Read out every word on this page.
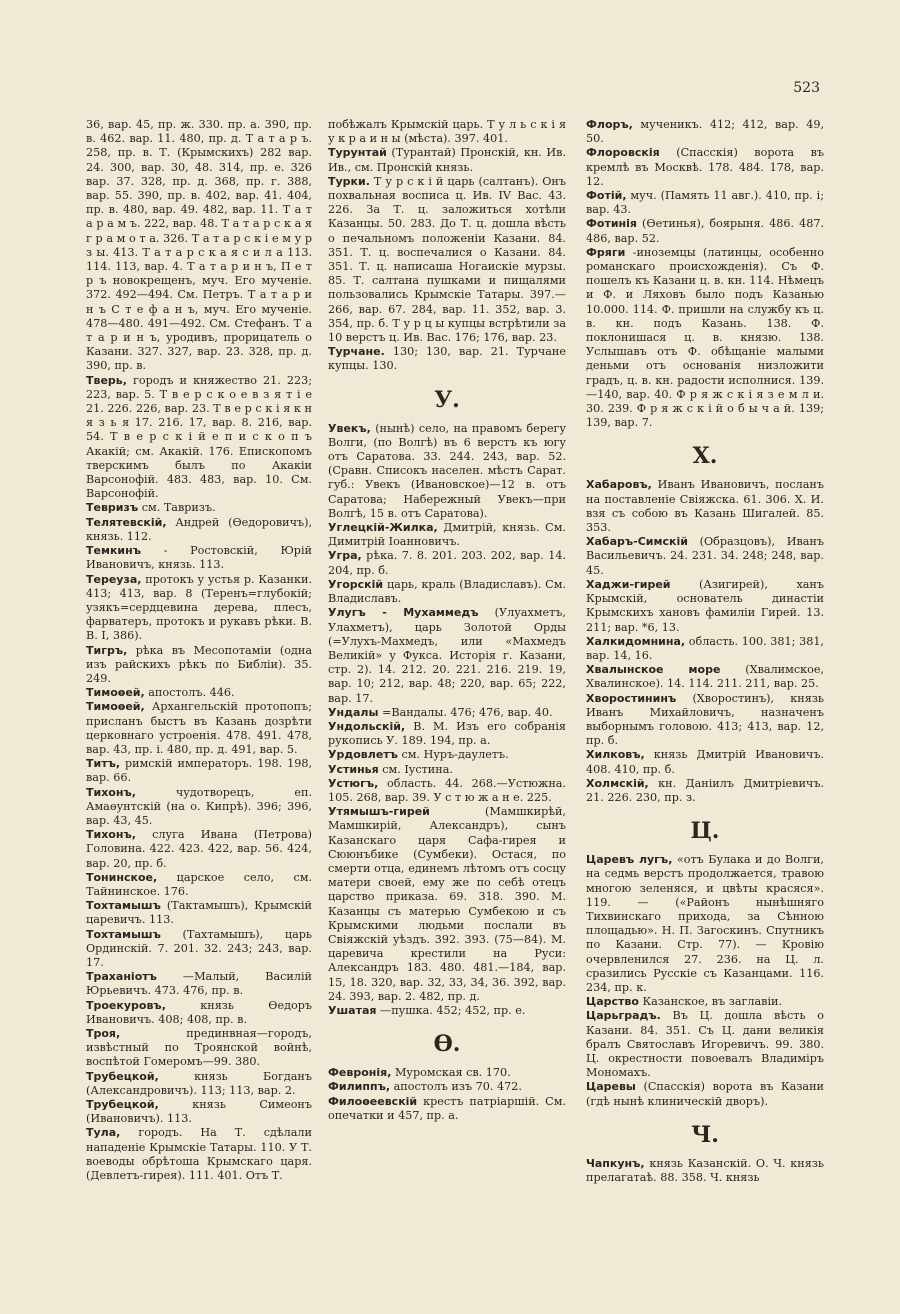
523
36, вар. 45, пр. ж. 330. пр. а. 390, пр. в. 462. вар. 11. 480, пр. д. Т а т а р ъ. 258, пр. в. Т. (Крымскихъ) 282 вар. 24. 300, вар. 30, 48. 314, пр. е. 326 вар. 37. 328, пр. д. 368, пр. г. 388, вар. 55. 390, пр. в. 402, вар. 41. 404, пр. в. 480, вар. 49. 482, вар. 11. Т а т а р а м ъ. 222, вар. 48. Т а т а р с к а я г р а м о т а. 326. Т а т а р с к і е м у р з ы. 413. Т а т а р с к а я с и л а 113. 114. 113, вар. 4. Т а т а р и н ъ, П е т р ъ новокрещенъ, муч. Его мученіе. 372. 492—494. См. Петръ. Т а т а р и н ъ С т е ф а н ъ, муч. Его мученіе. 478—480. 491—492. См. Стефанъ. Т а т а р и н ъ, уродивъ, прорицатель о Казани. 327. 327, вар. 23. 328, пр. д. 390, пр. в.
Тверь, городъ и княжество 21. 223; 223, вар. 5. Т в е р с к о е в з я т і е 21. 226. 226, вар. 23. Т в е р с к і я к н я з ь я 17. 216. 17, вар. 8. 216, вар. 54. Т в е р с к і й е п и с к о п ъ Акакій; см. Акакій. 176. Епископомъ тверскимъ былъ по Акакіи Варсонофій. 483. 483, вар. 10. См. Варсонофій.
Тевризъ см. Тавризъ.
Телятевскій, Андрей (Өедоровичъ), князь. 112.
Темкинъ - Ростовскій, Юрій Ивановичъ, князь. 113.
Тереуза, протокъ у устья р. Казанки. 413; 413, вар. 8 (Теренъ=глубокій; узякъ=сердцевина дерева, плесъ, фарватеръ, протокъ и рукавъ рѣки. В. В. I, 386).
Тигръ, рѣка въ Месопотаміи (одна изъ райскихъ рѣкъ по Библіи). 35. 249.
Тимоөей, апостолъ. 446.
Тимоөей, Архангельскій протопопъ; присланъ быстъ въ Казань дозрѣти церковнаго устроенія. 478. 491. 478, вар. 43, пр. і. 480, пр. д. 491, вар. 5.
Титъ, римскій императоръ. 198. 198, вар. 66.
Тихонъ,	чудотворецъ, еп. Амаөунтскій (на о. Кипрѣ). 396; 396, вар. 43, 45.
Тихонъ, слуга Ивана (Петрова) Головина. 422. 423. 422, вар. 56. 424, вар. 20, пр. б.
Тонинское, царское село, см. Тайнинское. 176.
Тохтамышъ (Тактамышъ), Крымскій царевичъ. 113.
Тохтамышъ (Тахтамышъ), царь Ординскій. 7. 201. 32. 243; 243, вар. 17.
Траханіотъ —Малый, Василій Юрьевичъ. 473. 476, пр. в.
Троекуровъ,	князь Өедоръ Ивановичъ. 408; 408, пр. в.
Троя,	прединвная—городъ, извѣстный по Троянской войнѣ, воспѣтой Гомеромъ—99. 380.
Трубецкой,	князь Богданъ (Александровичъ). 113; 113, вар. 2.
Трубецкой,	князь Симеонъ (Ивановичъ). 113.
Тула, городъ. На Т. сдѣлали нападеніе Крымскіе Татары. 110. У Т. воеводы обрѣтоша Крымскаго царя. (Девлетъ-гирея). 111. 401. Отъ Т.
побѣжалъ Крымскій царь. Т у л ь с к і я у к р а и н ы (мѣста). 397. 401.
Турунтай (Турантай) Пронскій, кн. Ив. Ив., см. Пронскій князь.
Турки. Т у р с к і й царь (салтанъ). Онъ похвальная восписа ц. Ив. IV Вас. 43. 226. За Т. ц. заложиться хотѣли Казанцы. 50. 283. До Т. ц. дошла вѣсть о печальномъ положеніи Казани. 84. 351. Т. ц. воспечалися о Казани. 84. 351. Т. ц. написаша Ногаискіе мурзы. 85. Т. салтана пушками и пищалями пользовались Крымскіе Татары. 397.—266, вар. 67. 284, вар. 11. 352, вар. 3. 354, пр. б. Т у р ц ы купцы встрѣтили за 10 верстъ ц. Ив. Вас. 176; 176, вар. 23.
Турчане. 130; 130, вар. 21. Турчане купцы. 130.
У.
Увекъ, (нынѣ) село, на правомъ берегу Волги, (по Волгѣ) въ 6 верстъ къ югу отъ Саратова. 33. 244. 243, вар. 52. (Сравн. Списокъ населен. мѣстъ Сарат. губ.: Увекъ (Ивановское)—12 в. отъ Саратова; Набережный Увекъ—при Волгѣ, 15 в. отъ Саратова).
Углецкій-Жилка, Дмитрій, князь. См. Димитрій Іоанновичъ.
Угра, рѣка. 7. 8. 201. 203. 202, вар. 14. 204, пр. б.
Угорскій царь, краль (Владиславъ). См. Владиславъ.
Улугъ - Мухаммедъ (Улуахметъ, Улахметъ), царь Золотой Орды (=Улухъ-Махмедъ, или «Махмедъ Великій» у Фукса. Исторія г. Казани, стр. 2). 14. 212. 20. 221. 216. 219. 19, вар. 10; 212, вар. 48; 220, вар. 65; 222, вар. 17.
Ундалы =Вандалы. 476; 476, вар. 40.
Ундольскій, В. М. Изъ его собранія рукопись У. 189. 194, пр. а.
Урдовлетъ см. Нуръ-даулетъ.
Устинья см. Іустина.
Устюгъ, область. 44. 268.—Устюжна. 105. 268, вар. 39. У с т ю ж а н е. 225.
Утямышъ-гирей	(Мамшкирѣй, Мамшкирій, Александръ), сынъ Казанскаго царя Сафа-гирея и Сююнъбике (Сумбеки). Остася, по смерти отца, единемъ лѣтомъ отъ сосцу матери своей, ему же по себѣ отецъ царство приказа. 69. 318. 390. М. Казанцы съ матерью Сумбекою и съ Крымскими людьми послали въ Свіяжскій уѣздъ. 392. 393. (75—84). М. царевича крестили на Руси: Александръ 183. 480. 481.—184, вар. 15, 18. 320, вар. 32, 33, 34, 36. 392, вар. 24. 393, вар. 2. 482, пр. д.
Ушатая —пушка. 452; 452, пр. е.
Ѳ.
Февронія, Муромская св. 170.
Филиппъ, апостолъ изъ 70. 472.
Филоөеевскій крестъ патріаршій. См. опечатки и 457, пр. а.
Флоръ, мученикъ. 412; 412, вар. 49, 50.
Флоровскія (Спасскія) ворота въ кремлѣ въ Москвѣ. 178. 484. 178, вар. 12.
Фотій, муч. (Память 11 авг.). 410, пр. і; вар. 43.
Фотинія (Өетинья), боярыня. 486. 487. 486, вар. 52.
Фряги -иноземцы (латинцы, особенно романскаго происхожденія). Съ Ф. пошелъ къ Казани ц. в. кн. 114. Нѣмецъ и Ф. и Ляховъ было подъ Казанью 10.000. 114. Ф. пришли на службу къ ц. в. кн. подъ Казань. 138. Ф. поклонишася ц. в. князю. 138. Услышавъ отъ Ф. обѣщаніе малыми деньми отъ основанія низложити градъ, ц. в. кн. радости исполнися. 139.—140, вар. 40. Ф р я ж с к і я з е м л и. 30. 239. Ф р я ж с к і й о б ы ч а й. 139; 139, вар. 7.
Х.
Хабаровъ, Иванъ Ивановичъ, посланъ на поставленіе Свіяжска. 61. 306. Х. И. взя съ собою въ Казань Шигалей. 85. 353.
Хабаръ-Симскій (Образцовъ), Иванъ Васильевичъ. 24. 231. 34. 248; 248, вар. 45.
Хаджи-гирей	(Азигирей), ханъ Крымскій, основатель династіи Крымскихъ хановъ фамиліи Гирей. 13. 211; вар. *6, 13.
Халкидомнина, область. 100. 381; 381, вар. 14, 16.
Хвалынское море (Хвалимское, Хвалинское). 14. 114. 211. 211, вар. 25.
Хворостининъ (Хворостинъ), князь Иванъ Михайловичъ, назначенъ выборнымъ головою. 413; 413, вар. 12, пр. б.
Хилковъ, князь Дмитрій Ивановичъ. 408. 410, пр. б.
Холмскій, кн. Даніилъ Дмитріевичъ. 21. 226. 230, пр. з.
Ц.
Царевъ лугъ, «отъ Булака и до Волги, на седмь верстъ продолжается, травою многою зеленяся, и цвѣты красяся». 119. — («Районъ нынѣшняго Тихвинскаго прихода, за Сѣнною площадью». Н. П. Загоскинъ. Спутникъ по Казани. Стр. 77). — Кровію очервленился 27. 236. на Ц. л. сразились Русскіе съ Казанцами. 116. 234, пр. к.
Царство Казанское, въ заглавіи.
Царьградъ. Въ Ц. дошла вѣсть о Казани. 84. 351. Съ Ц. дани великія бралъ Святославъ Игоревичъ. 99. 380. Ц. окрестности повоевалъ Владиміръ Мономахъ.
Царевы (Спасскія) ворота въ Казани (гдѣ нынѣ клиническій дворъ).
Ч.
Чапкунъ, князь Казанскій. О. Ч. князь прелагатаѣ. 88. 358. Ч. князь
